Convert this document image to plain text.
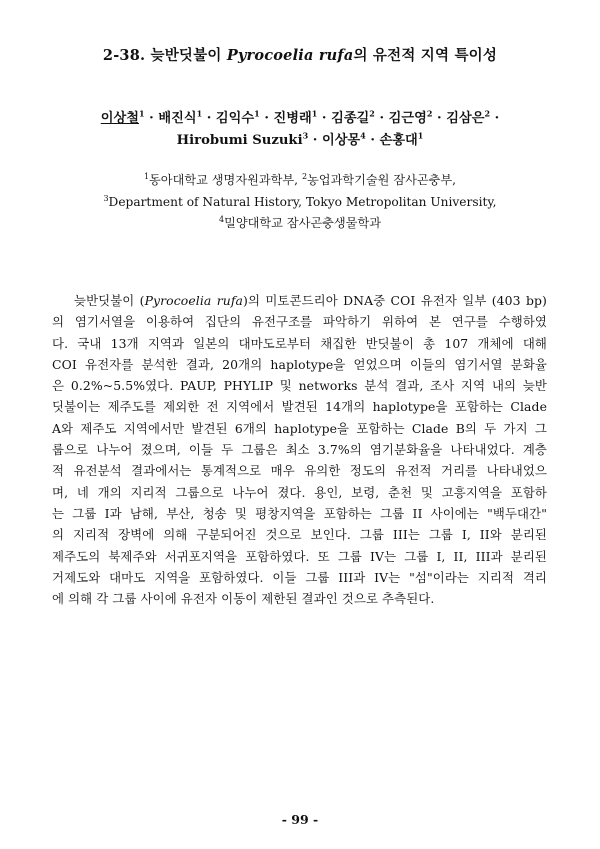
2-38. 늦반딧불이 Pyrocoelia rufa의 유전적 지역 특이성
이상철$^1$ · 배진식$^1$ · 김익수$^1$ · 진병래$^1$ · 김종길$^2$ · 김근영$^2$ · 김삼은$^2$ ·
Hirobumi Suzuki$^3$ · 이상몽$^4$ · 손홍대$^1$
$^1$동아대학교 생명자원과학부, $^2$농업과학기술원 잠사곤충부,
$^3$Department of Natural History, Tokyo Metropolitan University,
$^4$밀양대학교 잠사곤충생물학과
늦반딧불이 (Pyrocoelia rufa)의 미토콘드리아 DNA중 COI 유전자 일부 (403 bp)
의 염기서열을 이용하여 집단의 유전구조를 파악하기 위하여 본 연구를 수행하였
다. 국내 13개 지역과 일본의 대마도로부터 채집한 반딧불이 총 107 개체에 대해
COI 유전자를 분석한 결과, 20개의 haplotype을 얻었으며 이들의 염기서열 분화율
은 0.2%~5.5%였다. PAUP, PHYLIP 및 networks 분석 결과, 조사 지역 내의 늦반
딧불이는 제주도를 제외한 전 지역에서 발견된 14개의 haplotype을 포함하는 Clade
A와 제주도 지역에서만 발견된 6개의 haplotype을 포함하는 Clade B의 두 가지 그
룹으로 나누어 졌으며, 이들 두 그룹은 최소 3.7%의 염기분화율을 나타내었다. 계층
적 유전분석 결과에서는 통계적으로 매우 유의한 정도의 유전적 거리를 나타내었으
며, 네 개의 지리적 그룹으로 나누어 졌다. 용인, 보령, 춘천 및 고흥지역을 포함하
는 그룹 I과 남해, 부산, 청송 및 평창지역을 포함하는 그룹 II 사이에는 "백두대간"
의 지리적 장벽에 의해 구분되어진 것으로 보인다. 그룹 III는 그룹 I, II와 분리된
제주도의 북제주와 서귀포지역을 포함하였다. 또 그룹 IV는 그룹 I, II, III과 분리된
거제도와 대마도 지역을 포함하였다. 이들 그룹 III과 IV는 "섬"이라는 지리적 격리
에 의해 각 그룹 사이에 유전자 이동이 제한된 결과인 것으로 추측된다.
- 99 -
